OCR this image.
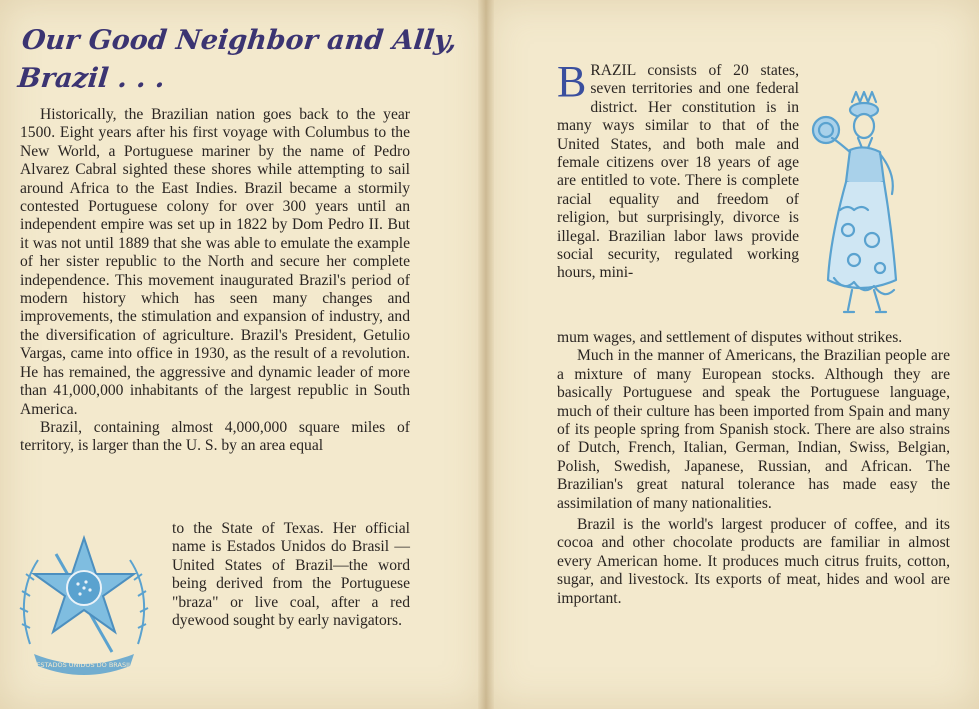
Our Good Neighbor and Ally,
Brazil . . .

Historically, the Brazilian nation goes back to the year 1500. Eight years after his first voyage with Columbus to the New World, a Portuguese mariner by the name of Pedro Alvarez Cabral sighted these shores while attempting to sail around Africa to the East Indies. Brazil became a stormily contested Portuguese colony for over 300 years until an independent empire was set up in 1822 by Dom Pedro II. But it was not until 1889 that she was able to emulate the example of her sister republic to the North and secure her complete independence. This movement inaugurated Brazil's period of modern history which has seen many changes and improvements, the stimulation and expansion of industry, and the diversification of agriculture. Brazil's President, Getulio Vargas, came into office in 1930, as the result of a revolution. He has remained, the aggressive and dynamic leader of more than 41,000,000 inhabitants of the largest republic in South America.

Brazil, containing almost 4,000,000 square miles of territory, is larger than the U. S. by an area equal

to the State of Texas. Her official name is Estados Unidos do Brasil — United States of Brazil—the word being derived from the Portuguese "braza" or live coal, after a red dyewood sought by early navigators.

ESTADOS UNIDOS DO BRASIL

BRAZIL consists of 20 states, seven territories and one federal district. Her constitution is in many ways similar to that of the United States, and both male and female citizens over 18 years of age are entitled to vote. There is complete racial equality and freedom of religion, but surprisingly, divorce is illegal. Brazilian labor laws provide social security, regulated working hours, mini-

mum wages, and settlement of disputes without strikes.

Much in the manner of Americans, the Brazilian people are a mixture of many European stocks. Although they are basically Portuguese and speak the Portuguese language, much of their culture has been imported from Spain and many of its people spring from Spanish stock. There are also strains of Dutch, French, Italian, German, Indian, Swiss, Belgian, Polish, Swedish, Japanese, Russian, and African. The Brazilian's great natural tolerance has made easy the assimilation of many nationalities.

Brazil is the world's largest producer of coffee, and its cocoa and other chocolate products are familiar in almost every American home. It produces much citrus fruits, cotton, sugar, and livestock. Its exports of meat, hides and wool are important.
